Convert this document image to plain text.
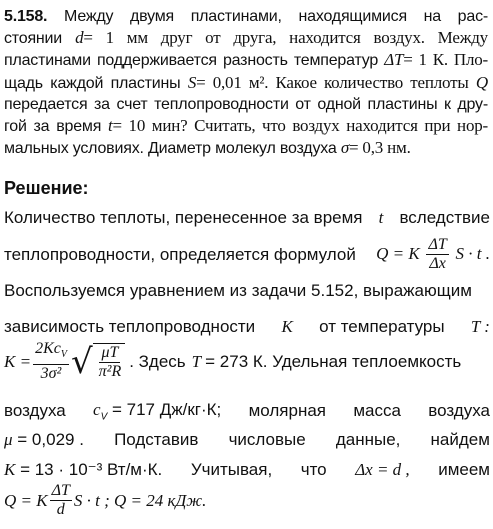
5.158. Между двумя пластинами, находящимися на рас-
стоянии d= 1 мм друг от друга, находится воздух. Между
пластинами поддерживается разность температур ΔT= 1 К. Пло-
щадь каждой пластины S= 0,01 м². Какое количество теплоты Q
передается за счет теплопроводности от одной пластины к дру-
гой за время t= 10 мин? Считать, что воздух находится при нор-
мальных условиях. Диаметр молекул воздуха σ= 0,3 нм.
Решение:
Количество теплоты, перенесенное за время t вследствие
теплопроводности, определяется формулой Q = K $\frac{\Delta T}{\Delta x}$ S · t .
Воспользуемся уравнением из задачи 5.152, выражающим
зависимость теплопроводности K от температуры T :
$K = \frac{2Kc_V}{\text{3σ²}}$ √ $\frac{\mu T}{\text{π²R}}$ . Здесь T = 273 К. Удельная теплоемкость
воздуха $c_V = 717$ Дж/кг·К; молярная масса воздуха
μ = 0,029 . Подставив числовые данные, найдем
K = 13 · 10⁻³ Вт/м·К. Учитывая, что Δx = d , имеем
Q = K $\frac{\Delta T}{d}$ S · t ; Q = 24 кДж.
